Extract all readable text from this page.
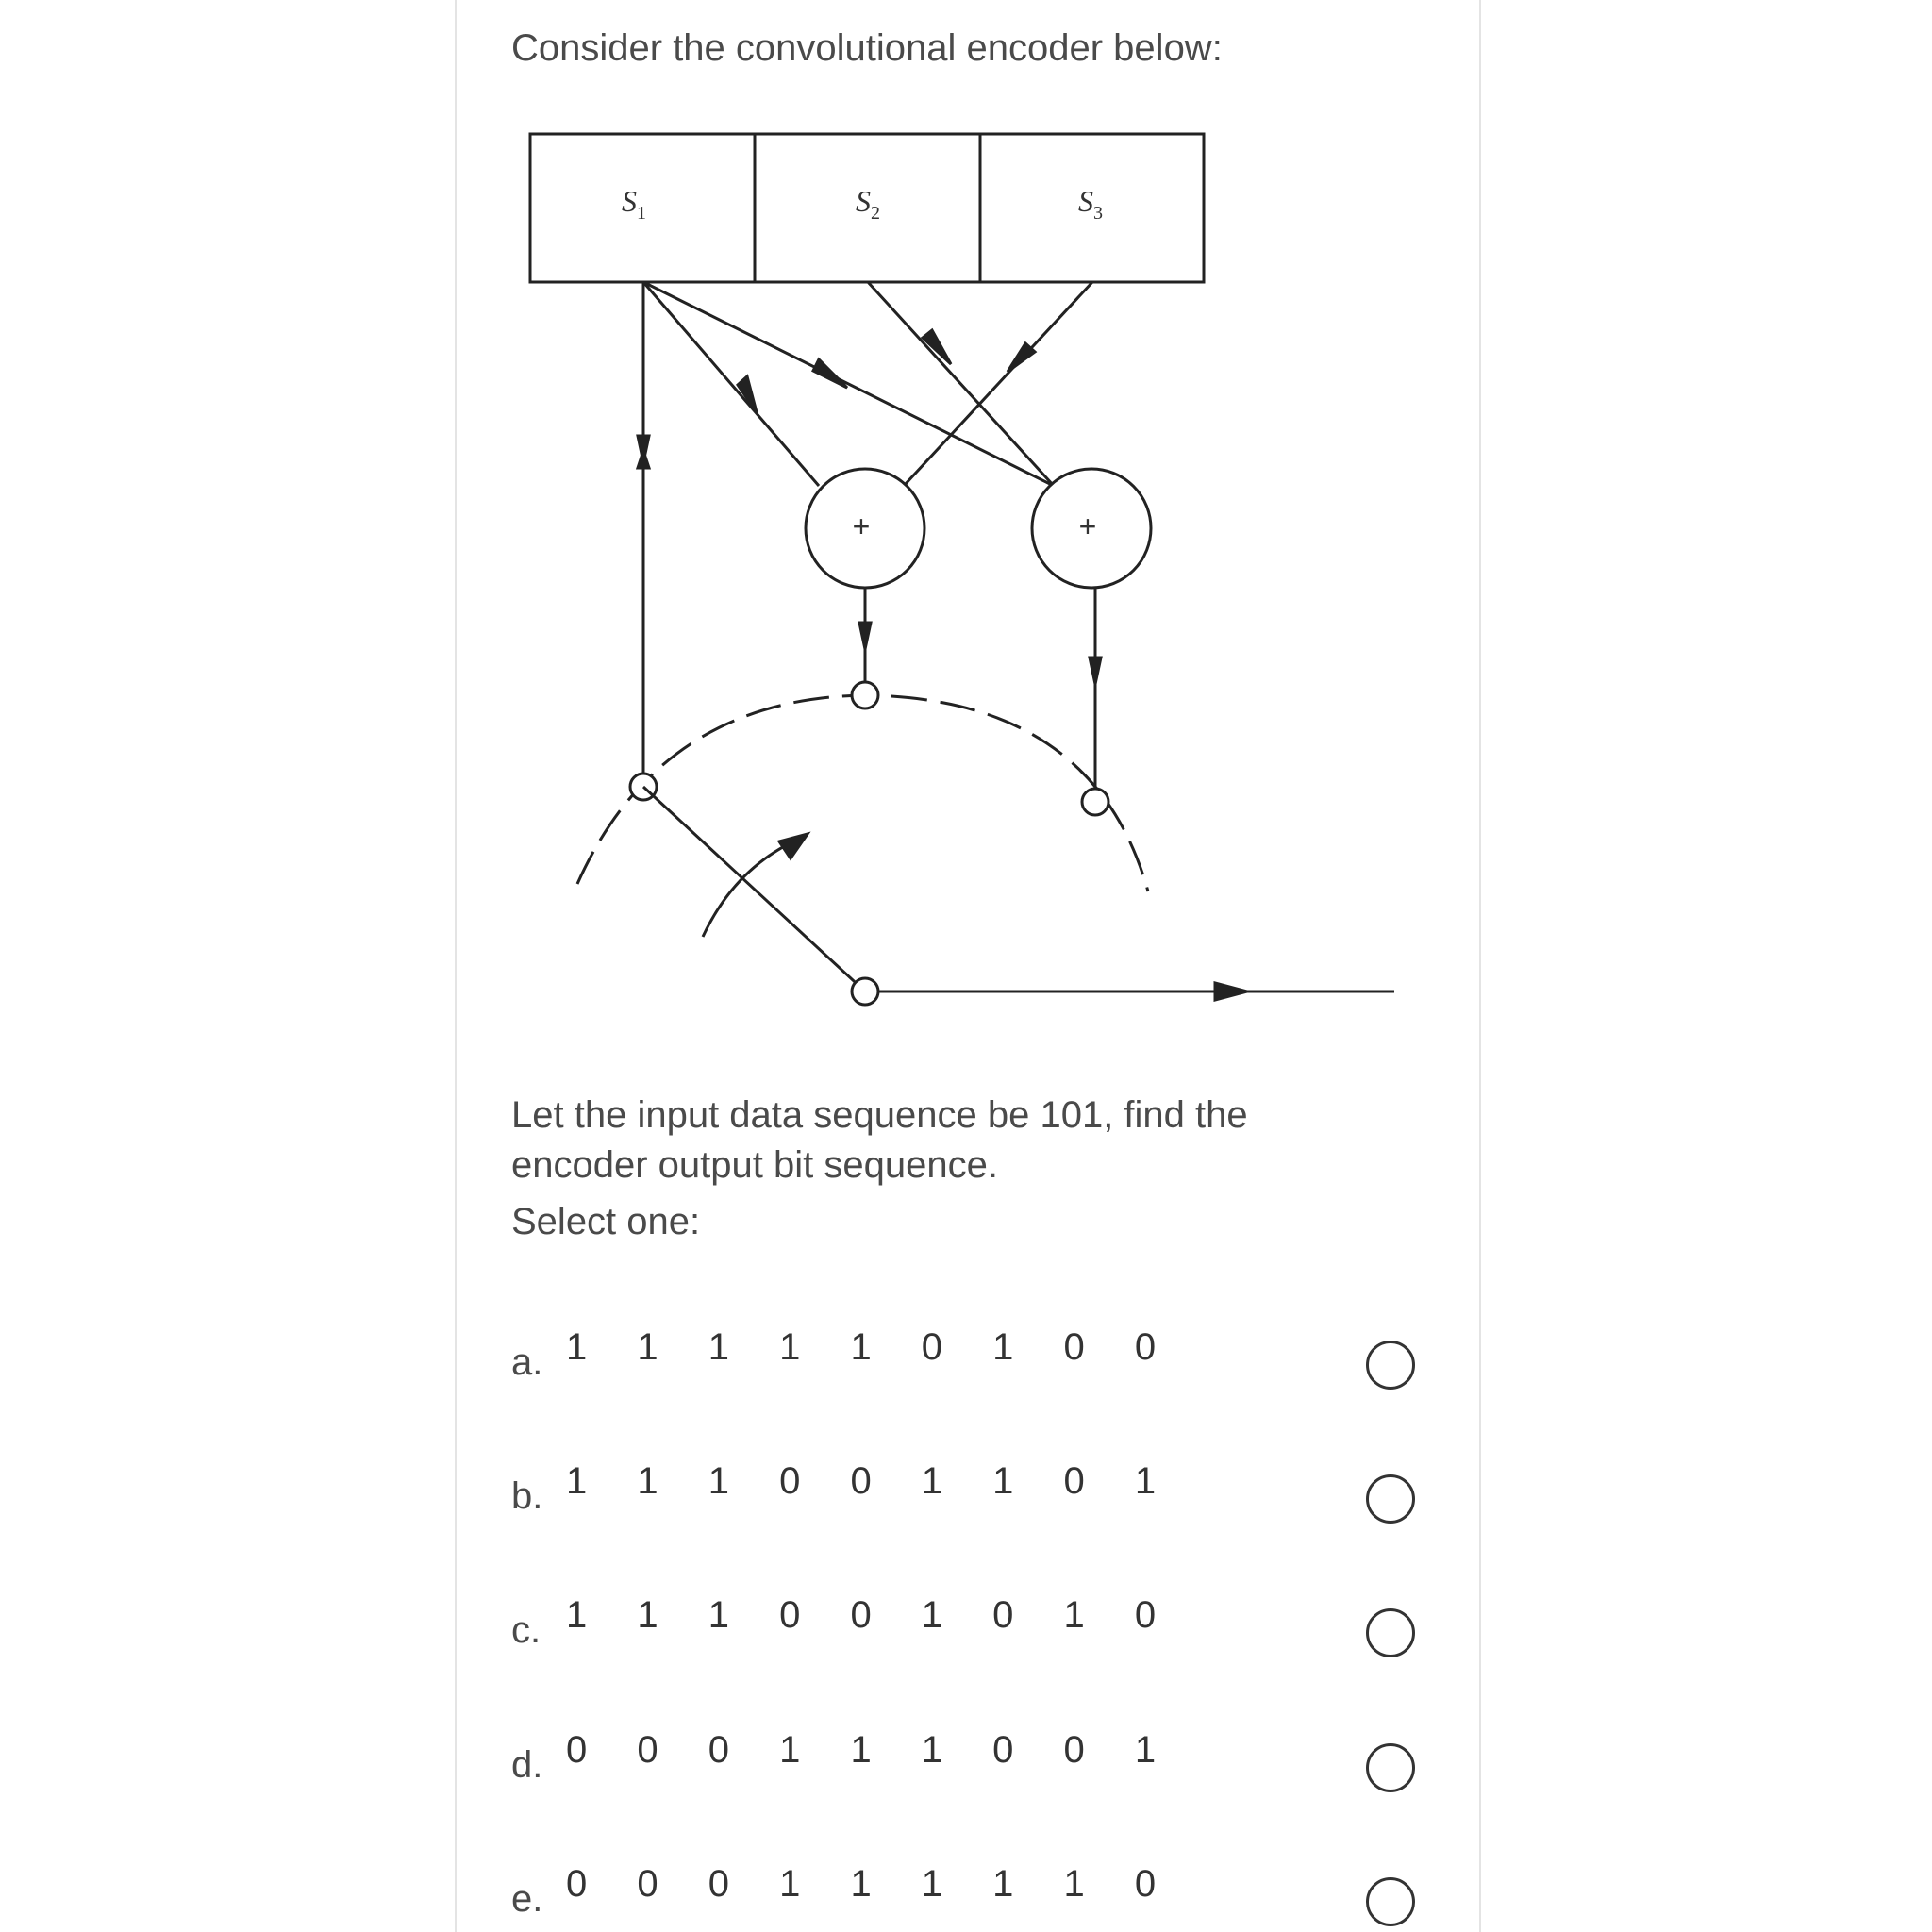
Consider the convolutional encoder below:
$S_1$	$S_2$	$S_3$
+	+
Let the input data sequence be 101, find the encoder output bit sequence.
Select one:
a. 1 1 1 1 1 0 1 0 0
b. 1 1 1 0 0 1 1 0 1
c. 1 1 1 0 0 1 0 1 0
d. 0 0 0 1 1 1 0 0 1
e. 0 0 0 1 1 1 1 1 0
